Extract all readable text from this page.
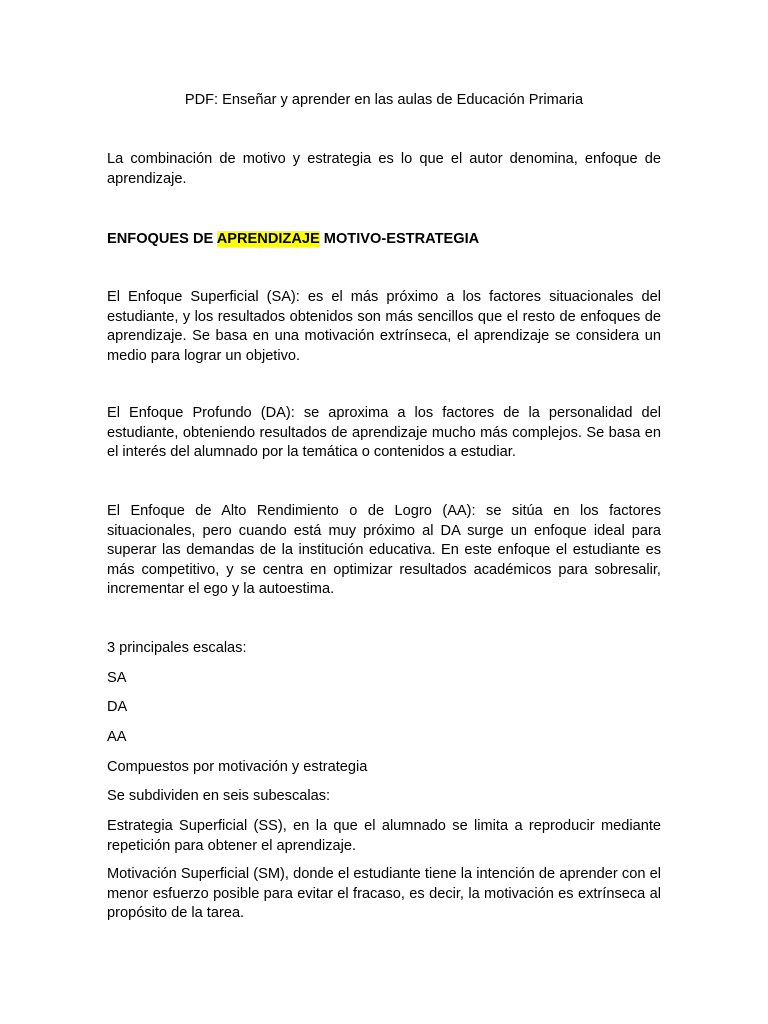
PDF: Enseñar y aprender en las aulas de Educación Primaria

La combinación de motivo y estrategia es lo que el autor denomina, enfoque de aprendizaje.

ENFOQUES DE APRENDIZAJE MOTIVO-ESTRATEGIA

El Enfoque Superficial (SA): es el más próximo a los factores situacionales del estudiante, y los resultados obtenidos son más sencillos que el resto de enfoques de aprendizaje. Se basa en una motivación extrínseca, el aprendizaje se considera un medio para lograr un objetivo.

El Enfoque Profundo (DA): se aproxima a los factores de la personalidad del estudiante, obteniendo resultados de aprendizaje mucho más complejos. Se basa en el interés del alumnado por la temática o contenidos a estudiar.

El Enfoque de Alto Rendimiento o de Logro (AA): se sitúa en los factores situacionales, pero cuando está muy próximo al DA surge un enfoque ideal para superar las demandas de la institución educativa. En este enfoque el estudiante es más competitivo, y se centra en optimizar resultados académicos para sobresalir, incrementar el ego y la autoestima.

3 principales escalas:

SA

DA

AA

Compuestos por motivación y estrategia

Se subdividen en seis subescalas:

Estrategia Superficial (SS), en la que el alumnado se limita a reproducir mediante repetición para obtener el aprendizaje.

Motivación Superficial (SM), donde el estudiante tiene la intención de aprender con el menor esfuerzo posible para evitar el fracaso, es decir, la motivación es extrínseca al propósito de la tarea.
